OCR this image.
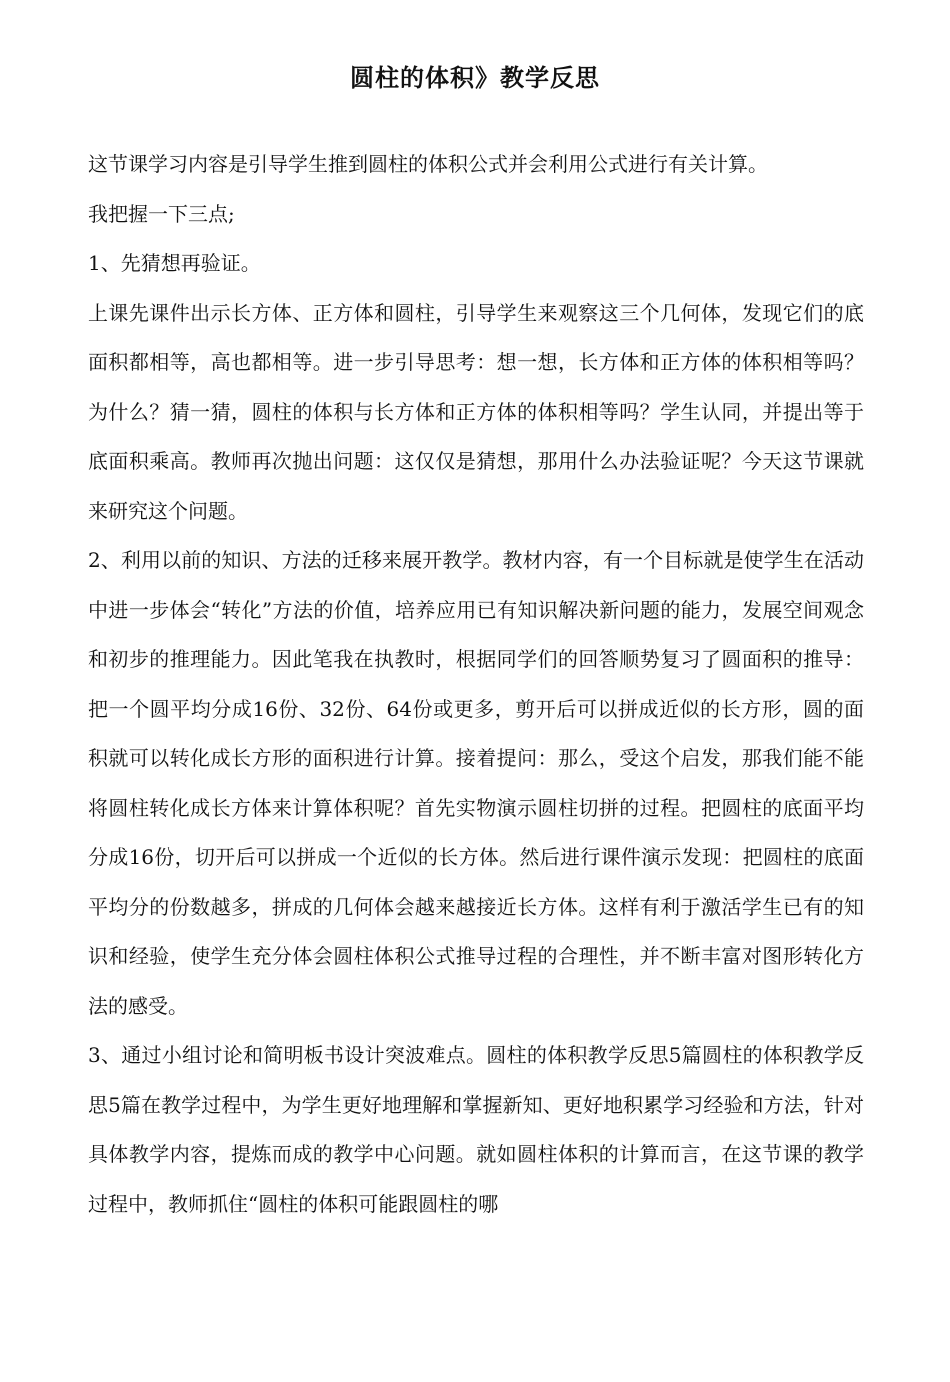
圆柱的体积》教学反思

这节课学习内容是引导学生推到圆柱的体积公式并会利用公式进行有关计算。

我把握一下三点;

1、先猜想再验证。

上课先课件出示长方体、正方体和圆柱，引导学生来观察这三个几何体，发现它们的底面积都相等，高也都相等。进一步引导思考：想一想，长方体和正方体的体积相等吗？为什么？猜一猜，圆柱的体积与长方体和正方体的体积相等吗？学生认同，并提出等于底面积乘高。教师再次抛出问题：这仅仅是猜想，那用什么办法验证呢？今天这节课就来研究这个问题。

2、利用以前的知识、方法的迁移来展开教学。教材内容，有一个目标就是使学生在活动中进一步体会“转化”方法的价值，培养应用已有知识解决新问题的能力，发展空间观念和初步的推理能力。因此笔我在执教时，根据同学们的回答顺势复习了圆面积的推导：把一个圆平均分成16份、32份、64份或更多，剪开后可以拼成近似的长方形，圆的面积就可以转化成长方形的面积进行计算。接着提问：那么，受这个启发，那我们能不能将圆柱转化成长方体来计算体积呢？首先实物演示圆柱切拼的过程。把圆柱的底面平均分成16份，切开后可以拼成一个近似的长方体。然后进行课件演示发现：把圆柱的底面平均分的份数越多，拼成的几何体会越来越接近长方体。这样有利于激活学生已有的知识和经验，使学生充分体会圆柱体积公式推导过程的合理性，并不断丰富对图形转化方法的感受。

3、通过小组讨论和简明板书设计突波难点。圆柱的体积教学反思5篇圆柱的体积教学反思5篇在教学过程中，为学生更好地理解和掌握新知、更好地积累学习经验和方法，针对具体教学内容，提炼而成的教学中心问题。就如圆柱体积的计算而言，在这节课的教学过程中，教师抓住“圆柱的体积可能跟圆柱的哪
